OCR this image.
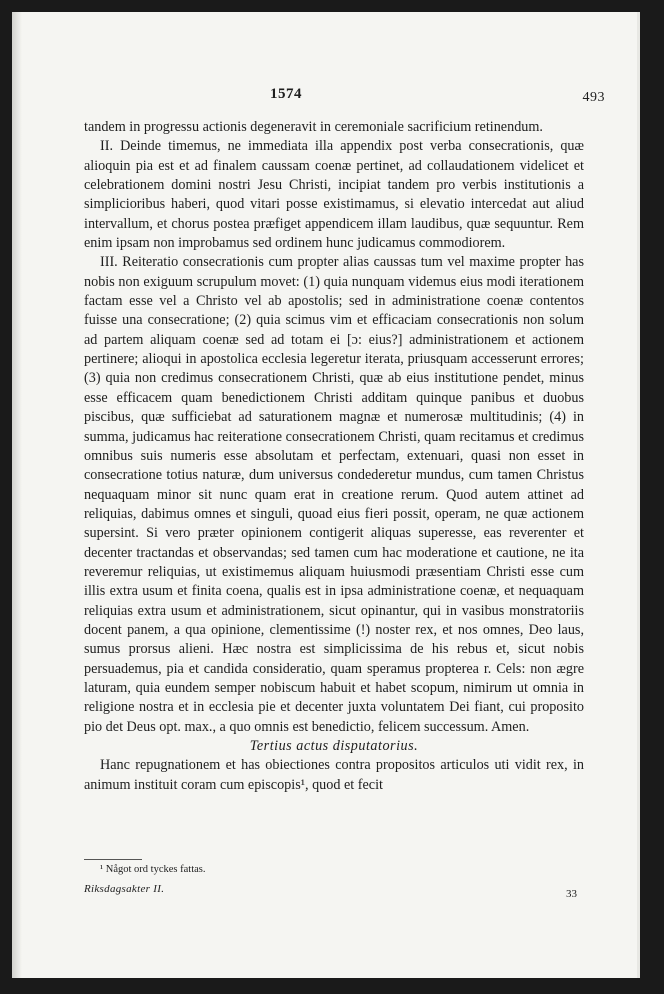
1574	493

tandem in progressu actionis degeneravit in ceremoniale sacrificium retinendum.

II. Deinde timemus, ne immediata illa appendix post verba consecrationis, quæ alioquin pia est et ad finalem caussam coenæ pertinet, ad collaudationem videlicet et celebrationem domini nostri Jesu Christi, incipiat tandem pro verbis institutionis a simplicioribus haberi, quod vitari posse existimamus, si elevatio intercedat aut aliud intervallum, et chorus postea præfiget appendicem illam laudibus, quæ sequuntur. Rem enim ipsam non improbamus sed ordinem hunc judicamus commodiorem.

III. Reiteratio consecrationis cum propter alias caussas tum vel maxime propter has nobis non exiguum scrupulum movet: (1) quia nunquam videmus eius modi iterationem factam esse vel a Christo vel ab apostolis; sed in administratione coenæ contentos fuisse una consecratione; (2) quia scimus vim et efficaciam consecrationis non solum ad partem aliquam coenæ sed ad totam ei [ɔ: eius?] administrationem et actionem pertinere; alioqui in apostolica ecclesia legeretur iterata, priusquam accesserunt errores; (3) quia non credimus consecrationem Christi, quæ ab eius institutione pendet, minus esse efficacem quam benedictionem Christi additam quinque panibus et duobus piscibus, quæ sufficiebat ad saturationem magnæ et numerosæ multitudinis; (4) in summa, judicamus hac reiteratione consecrationem Christi, quam recitamus et credimus omnibus suis numeris esse absolutam et perfectam, extenuari, quasi non esset in consecratione totius naturæ, dum universus condederetur mundus, cum tamen Christus nequaquam minor sit nunc quam erat in creatione rerum. Quod autem attinet ad reliquias, dabimus omnes et singuli, quoad eius fieri possit, operam, ne quæ actionem supersint. Si vero præter opinionem contigerit aliquas superesse, eas reverenter et decenter tractandas et observandas; sed tamen cum hac moderatione et cautione, ne ita reveremur reliquias, ut existimemus aliquam huiusmodi præsentiam Christi esse cum illis extra usum et finita coena, qualis est in ipsa administratione coenæ, et nequaquam reliquias extra usum et administrationem, sicut opinantur, qui in vasibus monstratoriis docent panem, a qua opinione, clementissime (!) noster rex, et nos omnes, Deo laus, sumus prorsus alieni. Hæc nostra est simplicissima de his rebus et, sicut nobis persuademus, pia et candida consideratio, quam speramus propterea r. Cels: non ægre laturam, quia eundem semper nobiscum habuit et habet scopum, nimirum ut omnia in religione nostra et in ecclesia pie et decenter juxta voluntatem Dei fiant, cui proposito pio det Deus opt. max., a quo omnis est benedictio, felicem successum. Amen.

Tertius actus disputatorius.

Hanc repugnationem et has obiectiones contra propositos articulos uti vidit rex, in animum instituit coram cum episcopis¹, quod et fecit

¹ Något ord tyckes fattas.
Riksdagsakter II.	33
